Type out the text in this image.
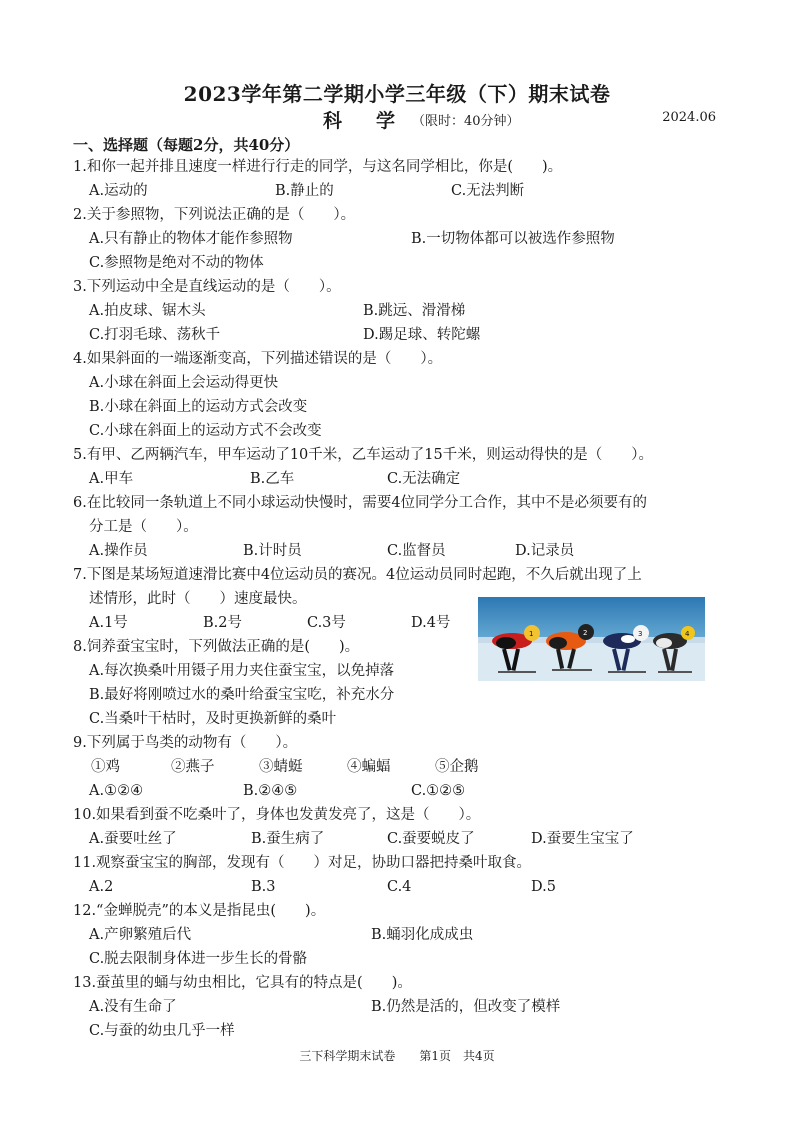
2023学年第二学期小学三年级（下）期末试卷
科学
（限时：40分钟）	2024.06
一、选择题（每题2分，共40分）
1.和你一起并排且速度一样进行行走的同学，与这名同学相比，你是(　　)。
A.运动的	B.静止的	C.无法判断
2.关于参照物，下列说法正确的是（　　）。
A.只有静止的物体才能作参照物	B.一切物体都可以被选作参照物
C.参照物是绝对不动的物体
3.下列运动中全是直线运动的是（　　）。
A.拍皮球、锯木头	B.跳远、滑滑梯
C.打羽毛球、荡秋千	D.踢足球、转陀螺
4.如果斜面的一端逐渐变高，下列描述错误的是（　　）。
A.小球在斜面上会运动得更快
B.小球在斜面上的运动方式会改变
C.小球在斜面上的运动方式不会改变
5.有甲、乙两辆汽车，甲车运动了10千米，乙车运动了15千米，则运动得快的是（　　）。
A.甲车	B.乙车	C.无法确定
6.在比较同一条轨道上不同小球运动快慢时，需要4位同学分工合作，其中不是必须要有的
分工是（　　）。
A.操作员	B.计时员	C.监督员	D.记录员
7.下图是某场短道速滑比赛中4位运动员的赛况。4位运动员同时起跑，不久后就出现了上
述情形，此时（　　）速度最快。
A.1号	B.2号	C.3号	D.4号
1	2	3	4
8.饲养蚕宝宝时，下列做法正确的是(　　)。
A.每次换桑叶用镊子用力夹住蚕宝宝，以免掉落
B.最好将刚喷过水的桑叶给蚕宝宝吃，补充水分
C.当桑叶干枯时，及时更换新鲜的桑叶
9.下列属于鸟类的动物有（　　）。
①鸡	②燕子	③蜻蜓	④蝙蝠	⑤企鹅
A.①②④	B.②④⑤	C.①②⑤
10.如果看到蚕不吃桑叶了，身体也发黄发亮了，这是（　　）。
A.蚕要吐丝了	B.蚕生病了	C.蚕要蜕皮了	D.蚕要生宝宝了
11.观察蚕宝宝的胸部，发现有（　　）对足，协助口器把持桑叶取食。
A.2	B.3	C.4	D.5
12.“金蝉脱壳”的本义是指昆虫(　　)。
A.产卵繁殖后代	B.蛹羽化成成虫
C.脱去限制身体进一步生长的骨骼
13.蚕茧里的蛹与幼虫相比，它具有的特点是(　　)。
A.没有生命了	B.仍然是活的，但改变了模样
C.与蚕的幼虫几乎一样
三下科学期末试卷　　第1页　共4页
